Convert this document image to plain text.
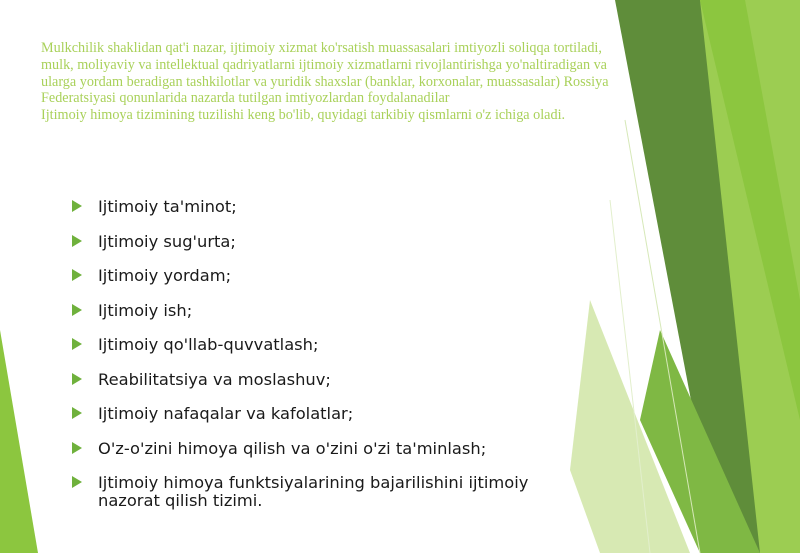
Mulkchilik shaklidan qat'i nazar, ijtimoiy xizmat ko'rsatish muassasalari imtiyozli soliqqa tortiladi, mulk, moliyaviy va intellektual qadriyatlarni ijtimoiy xizmatlarni rivojlantirishga yo'naltiradigan va ularga yordam beradigan tashkilotlar va yuridik shaxslar (banklar, korxonalar, muassasalar) Rossiya Federatsiyasi qonunlarida nazarda tutilgan imtiyozlardan foydalanadilar

Ijtimoiy himoya tizimining tuzilishi keng bo'lib, quyidagi tarkibiy qismlarni o'z ichiga oladi.

Ijtimoiy ta'minot;
Ijtimoiy sug'urta;
Ijtimoiy yordam;
Ijtimoiy ish;
Ijtimoiy qo'llab-quvvatlash;
Reabilitatsiya va moslashuv;
Ijtimoiy nafaqalar va kafolatlar;
O'z-o'zini himoya qilish va o'zini o'zi ta'minlash;
Ijtimoiy himoya funktsiyalarining bajarilishini ijtimoiy nazorat qilish tizimi.
